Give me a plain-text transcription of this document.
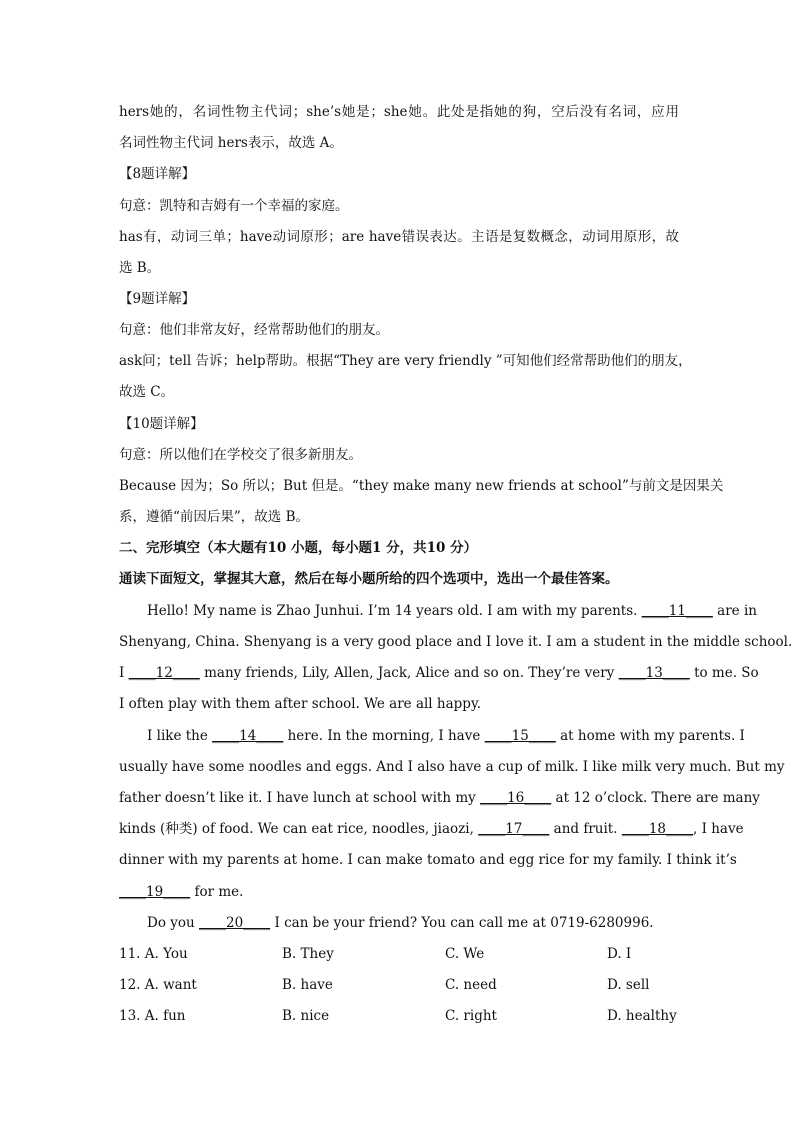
hers她的，名词性物主代词；she’s她是；she她。此处是指她的狗，空后没有名词，应用
名词性物主代词 hers表示，故选 A。
【8题详解】
句意：凯特和吉姆有一个幸福的家庭。
has有，动词三单；have动词原形；are have错误表达。主语是复数概念，动词用原形，故
选 B。
【9题详解】
句意：他们非常友好，经常帮助他们的朋友。
ask问；tell 告诉；help帮助。根据“They are very friendly ”可知他们经常帮助他们的朋友，
故选 C。
【10题详解】
句意：所以他们在学校交了很多新朋友。
Because 因为；So 所以；But 但是。“they make many new friends at school”与前文是因果关
系，遵循“前因后果”，故选 B。
二、完形填空（本大题有10 小题，每小题1 分，共10 分）
通读下面短文，掌握其大意，然后在每小题所给的四个选项中，选出一个最佳答案。
Hello! My name is Zhao Junhui. I’m 14 years old. I am with my parents. ____11____ are in
Shenyang, China. Shenyang is a very good place and I love it. I am a student in the middle school.
I ____12____ many friends, Lily, Allen, Jack, Alice and so on. They’re very ____13____ to me. So
I often play with them after school. We are all happy.
I like the ____14____ here. In the morning, I have ____15____ at home with my parents. I
usually have some noodles and eggs. And I also have a cup of milk. I like milk very much. But my
father doesn’t like it. I have lunch at school with my ____16____ at 12 o’clock. There are many
kinds (种类) of food. We can eat rice, noodles, jiaozi, ____17____ and fruit. ____18____, I have
dinner with my parents at home. I can make tomato and egg rice for my family. I think it’s
____19____ for me.
Do you ____20____ I can be your friend? You can call me at 0719-6280996.
11. A. You	B. They	C. We	D. I
12. A. want	B. have	C. need	D. sell
13. A. fun	B. nice	C. right	D. healthy
